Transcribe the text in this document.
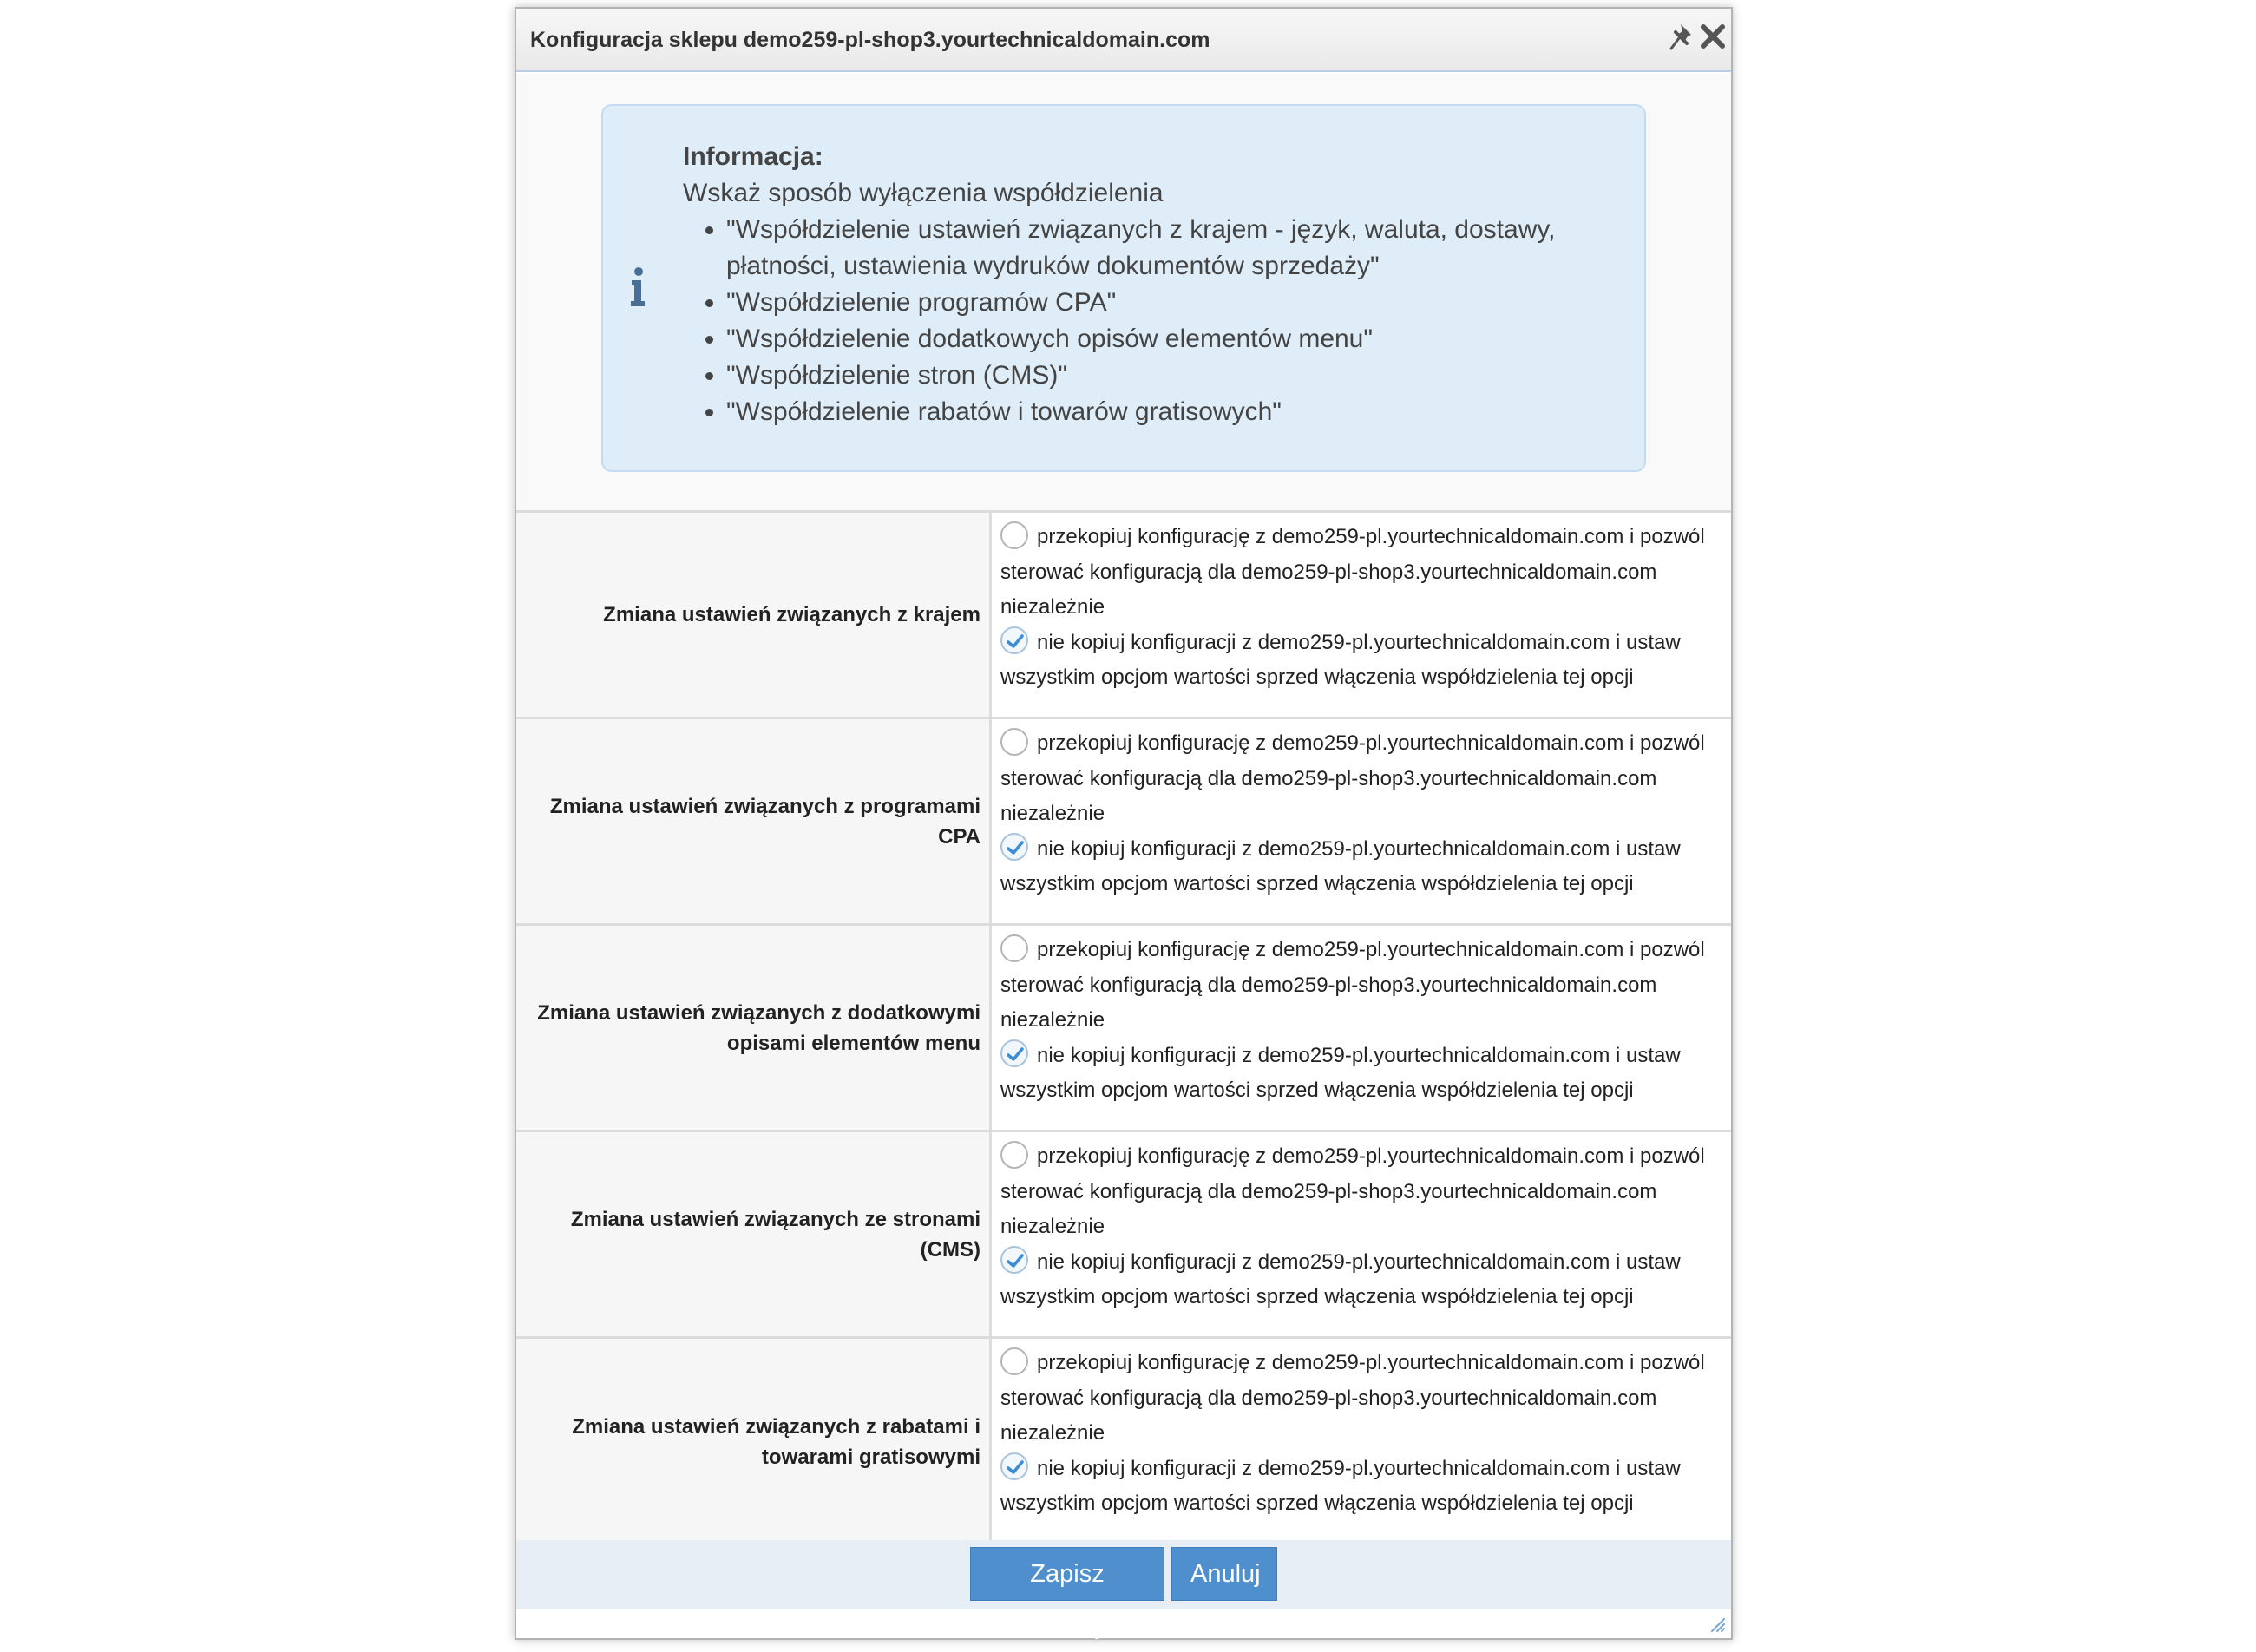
Konfiguracja sklepu demo259-pl-shop3.yourtechnicaldomain.com
Informacja:
Wskaż sposób wyłączenia współdzielenia
• "Współdzielenie ustawień związanych z krajem - język, waluta, dostawy, płatności, ustawienia wydruków dokumentów sprzedaży"
• "Współdzielenie programów CPA"
• "Współdzielenie dodatkowych opisów elementów menu"
• "Współdzielenie stron (CMS)"
• "Współdzielenie rabatów i towarów gratisowych"
Zmiana ustawień związanych z krajem
przekopiuj konfigurację z demo259-pl.yourtechnicaldomain.com i pozwól sterować konfiguracją dla demo259-pl-shop3.yourtechnicaldomain.com niezależnie
nie kopiuj konfiguracji z demo259-pl.yourtechnicaldomain.com i ustaw wszystkim opcjom wartości sprzed włączenia współdzielenia tej opcji
Zmiana ustawień związanych z programami CPA
przekopiuj konfigurację z demo259-pl.yourtechnicaldomain.com i pozwól sterować konfiguracją dla demo259-pl-shop3.yourtechnicaldomain.com niezależnie
nie kopiuj konfiguracji z demo259-pl.yourtechnicaldomain.com i ustaw wszystkim opcjom wartości sprzed włączenia współdzielenia tej opcji
Zmiana ustawień związanych z dodatkowymi opisami elementów menu
przekopiuj konfigurację z demo259-pl.yourtechnicaldomain.com i pozwól sterować konfiguracją dla demo259-pl-shop3.yourtechnicaldomain.com niezależnie
nie kopiuj konfiguracji z demo259-pl.yourtechnicaldomain.com i ustaw wszystkim opcjom wartości sprzed włączenia współdzielenia tej opcji
Zmiana ustawień związanych ze stronami (CMS)
przekopiuj konfigurację z demo259-pl.yourtechnicaldomain.com i pozwól sterować konfiguracją dla demo259-pl-shop3.yourtechnicaldomain.com niezależnie
nie kopiuj konfiguracji z demo259-pl.yourtechnicaldomain.com i ustaw wszystkim opcjom wartości sprzed włączenia współdzielenia tej opcji
Zmiana ustawień związanych z rabatami i towarami gratisowymi
przekopiuj konfigurację z demo259-pl.yourtechnicaldomain.com i pozwól sterować konfiguracją dla demo259-pl-shop3.yourtechnicaldomain.com niezależnie
nie kopiuj konfiguracji z demo259-pl.yourtechnicaldomain.com i ustaw wszystkim opcjom wartości sprzed włączenia współdzielenia tej opcji
Zapisz zmiany
Anuluj
